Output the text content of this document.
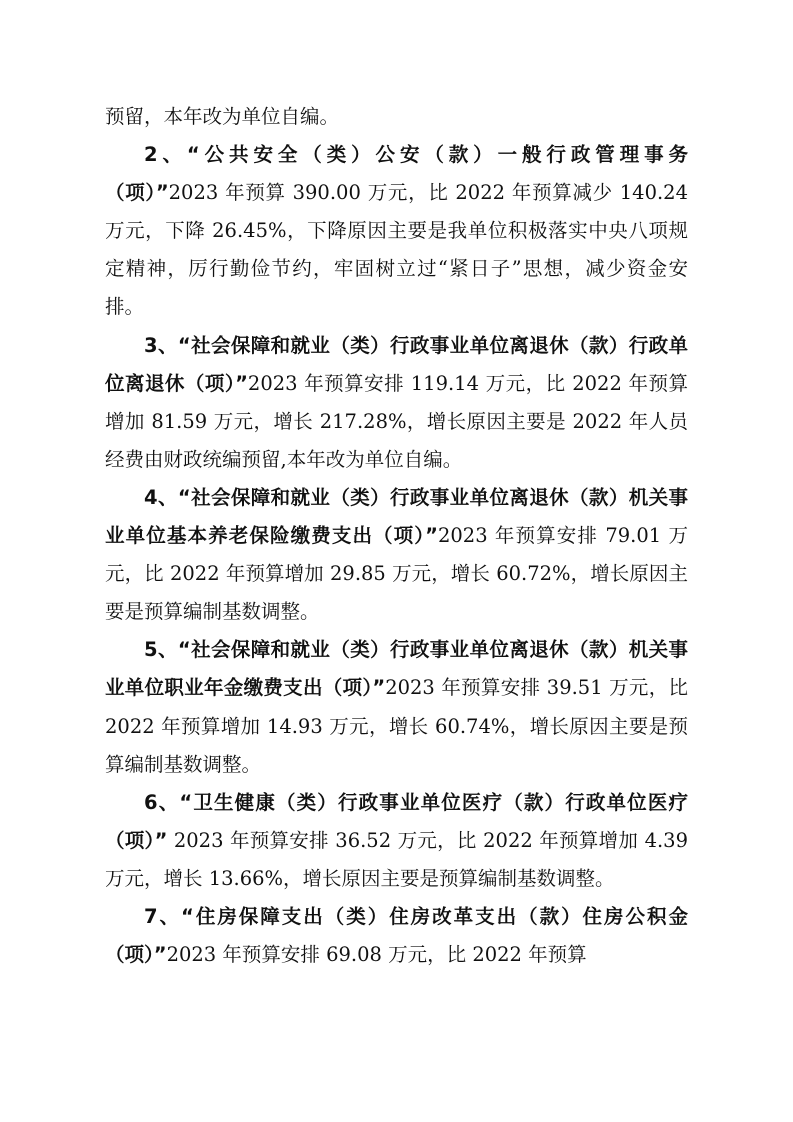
预留，本年改为单位自编。

2、“公共安全（类）公安（款）一般行政管理事务（项）”2023 年预算 390.00 万元，比 2022 年预算减少 140.24 万元，下降 26.45%，下降原因主要是我单位积极落实中央八项规定精神，厉行勤俭节约，牢固树立过“紧日子”思想，减少资金安排。

3、“社会保障和就业（类）行政事业单位离退休（款）行政单位离退休（项）”2023 年预算安排 119.14 万元，比 2022 年预算增加 81.59 万元，增长 217.28%，增长原因主要是 2022 年人员经费由财政统编预留,本年改为单位自编。

4、“社会保障和就业（类）行政事业单位离退休（款）机关事业单位基本养老保险缴费支出（项）”2023 年预算安排 79.01 万元，比 2022 年预算增加 29.85 万元，增长 60.72%，增长原因主要是预算编制基数调整。

5、“社会保障和就业（类）行政事业单位离退休（款）机关事业单位职业年金缴费支出（项）”2023 年预算安排 39.51 万元，比 2022 年预算增加 14.93 万元，增长 60.74%，增长原因主要是预算编制基数调整。

6、“卫生健康（类）行政事业单位医疗（款）行政单位医疗（项）” 2023 年预算安排 36.52 万元，比 2022 年预算增加 4.39 万元，增长 13.66%，增长原因主要是预算编制基数调整。

7、“住房保障支出（类）住房改革支出（款）住房公积金（项）”2023 年预算安排 69.08 万元，比 2022 年预算
